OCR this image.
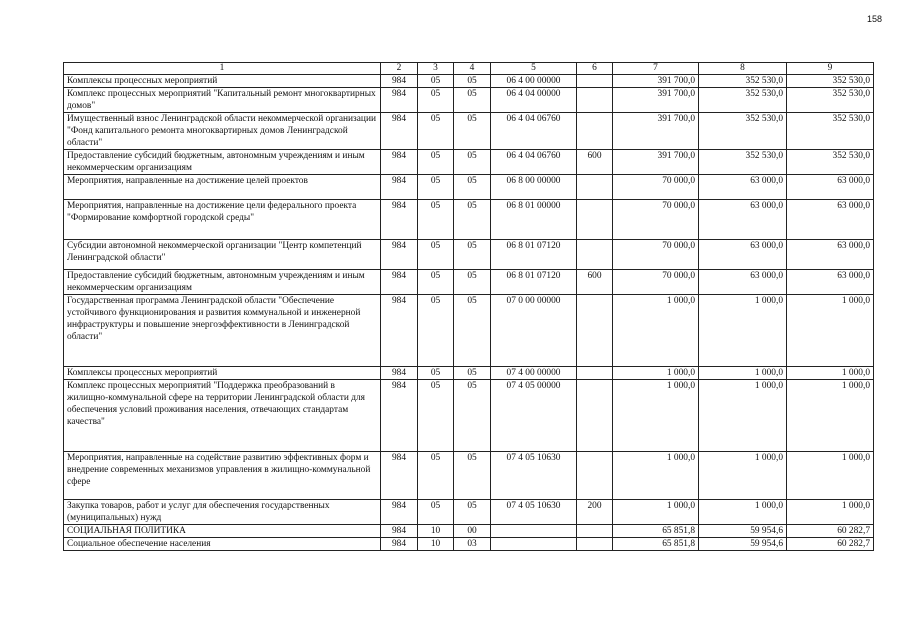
158
1	2	3	4	5	6	7	8	9
Комплексы процессных мероприятий	984	05	05	06 4 00 00000		391 700,0	352 530,0	352 530,0
Комплекс процессных мероприятий "Капитальный ремонт многоквартирных домов"	984	05	05	06 4 04 00000		391 700,0	352 530,0	352 530,0
Имущественный взнос Ленинградской области некоммерческой организации "Фонд капитального ремонта многоквартирных домов Ленинградской области"	984	05	05	06 4 04 06760		391 700,0	352 530,0	352 530,0
Предоставление субсидий бюджетным, автономным учреждениям и иным некоммерческим организациям	984	05	05	06 4 04 06760	600	391 700,0	352 530,0	352 530,0
Мероприятия, направленные на достижение целей проектов	984	05	05	06 8 00 00000		70 000,0	63 000,0	63 000,0
Мероприятия, направленные на достижение цели федерального проекта "Формирование комфортной городской среды"	984	05	05	06 8 01 00000		70 000,0	63 000,0	63 000,0
Субсидии автономной некоммерческой организации "Центр компетенций Ленинградской области"	984	05	05	06 8 01 07120		70 000,0	63 000,0	63 000,0
Предоставление субсидий бюджетным, автономным учреждениям и иным некоммерческим организациям	984	05	05	06 8 01 07120	600	70 000,0	63 000,0	63 000,0
Государственная программа Ленинградской области "Обеспечение устойчивого функционирования и развития коммунальной и инженерной инфраструктуры и повышение энергоэффективности в Ленинградской области"	984	05	05	07 0 00 00000		1 000,0	1 000,0	1 000,0
Комплексы процессных мероприятий	984	05	05	07 4 00 00000		1 000,0	1 000,0	1 000,0
Комплекс процессных мероприятий "Поддержка преобразований в жилищно-коммунальной сфере на территории Ленинградской области для обеспечения условий проживания населения, отвечающих стандартам качества"	984	05	05	07 4 05 00000		1 000,0	1 000,0	1 000,0
Мероприятия, направленные на содействие развитию эффективных форм и внедрение современных механизмов управления в жилищно-коммунальной сфере	984	05	05	07 4 05 10630		1 000,0	1 000,0	1 000,0
Закупка товаров, работ и услуг для обеспечения государственных (муниципальных) нужд	984	05	05	07 4 05 10630	200	1 000,0	1 000,0	1 000,0
СОЦИАЛЬНАЯ ПОЛИТИКА	984	10	00			65 851,8	59 954,6	60 282,7
Социальное обеспечение населения	984	10	03			65 851,8	59 954,6	60 282,7
